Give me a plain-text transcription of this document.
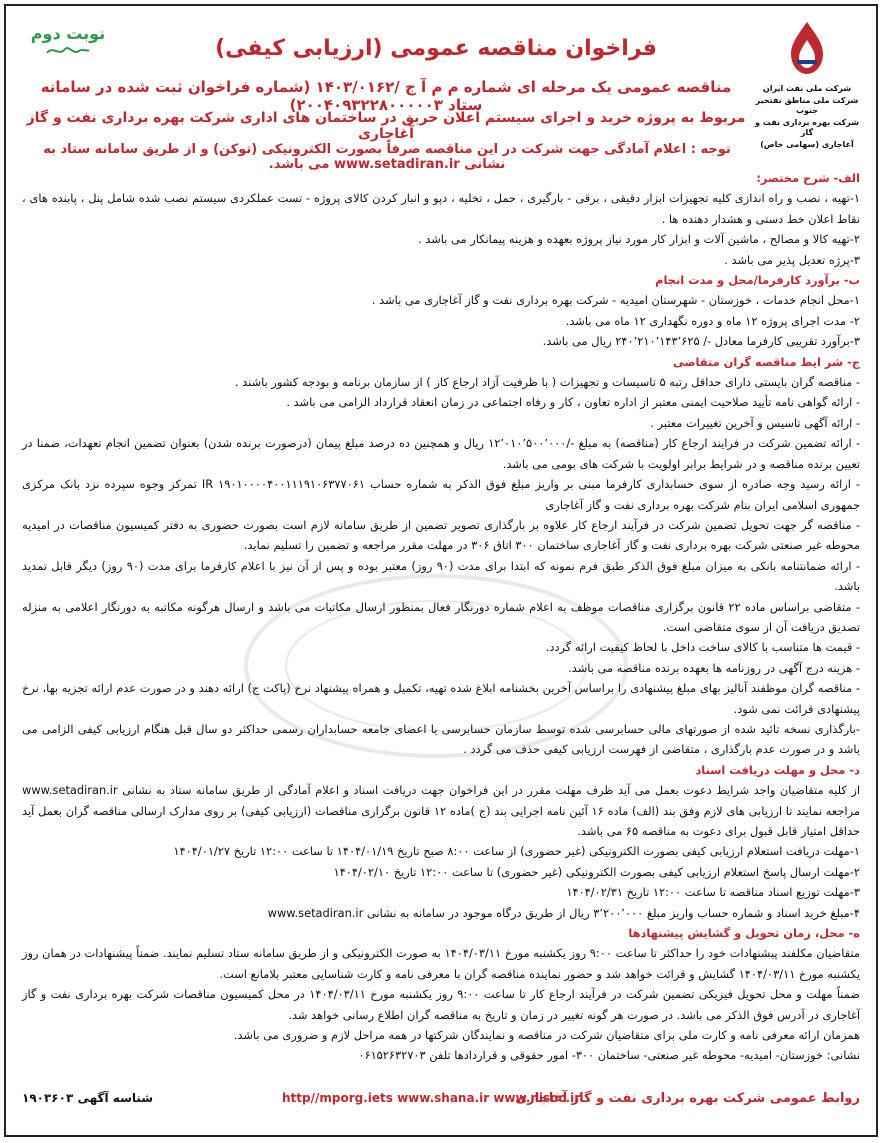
شرکت ملی نفت ایران
شرکت ملی مناطق نفتخیز جنوب
شرکت بهره برداری نفت و گاز
آغاجاری (سهامی خاص)
نوبت دوم
فراخوان مناقصه عمومی (ارزیابی کیفی)
مناقصه عمومی یک مرحله ای شماره م م آ ج /۱۴۰۳/۰۱۶۲ (شماره فراخوان ثبت شده در سامانه ستاد ۲۰۰۴۰۹۳۲۲۸۰۰۰۰۰۳)
مربوط به پروژه خرید و اجرای سیستم اعلان حریق در ساختمان های اداری شرکت بهره برداری نفت و گاز آغاجاری
توجه : اعلام آمادگی جهت شرکت در این مناقصه صرفاً بصورت الکترونیکی (توکن) و از طریق سامانه ستاد به نشانی www.setadiran.ir می باشد.

الف- شرح مختصر:

۱-تهیه ، نصب و راه اندازی کلیه تجهیزات ابزار دقیقی ، برقی - بارگیری ، حمل ، تخلیه ، دپو و انبار کردن کالای پروژه - تست عملکردی سیستم نصب شده شامل پنل ، پابنده های ، نقاط اعلان خط دستی و هشدار دهنده ها .

۲-تهیه کالا و مصالح ، ماشین آلات و ابزار کار مورد نیاز پروژه بعهده و هزینه پیمانکار می باشد .

۳-پرژه تعدیل پذیر می باشد .

ب- برآورد کارفرما/محل و مدت انجام

۱-محل انجام خدمات ، خوزستان - شهرستان امیدیه - شرکت بهره برداری نفت و گاز آغاجاری می باشد .

۲- مدت اجرای پروژه ۱۲ ماه و دوره نگهداری ۱۲ ماه می باشد.

۳-برآورد تقریبی کارفرما معادل -/ ۲۴۰٬۲۱۰٬۱۴۳٬۶۲۵ ریال می باشد.

ج- شر ایط مناقصه گران متقاضی

- مناقصه گران بایستی دارای حداقل رتبه ۵ تاسیسات و تجهیزات ( با ظرفیت آزاد ارجاع کار ) از سازمان برنامه و بودجه کشور باشند .

- ارائه گواهی نامه تأیید صلاحیت ایمنی معتبر از اداره تعاون ، کار و رفاه اجتماعی در زمان انعقاد قرارداد الزامی می باشد .

- ارائه آگهی تاسیس و آخرین تغییرات معتبر .

- ارائه تضمین شرکت در فرایند ارجاع کار (مناقصه) به مبلغ -/۱۲٬۰۱۰٬۵۰۰٬۰۰۰ ریال و همچنین ده درصد مبلغ پیمان (درصورت برنده شدن) بعنوان تضمین انجام تعهدات، ضمنا در تعیین برنده مناقصه و در شرایط برابر اولویت با شرکت های بومی می باشد.

- ارائه رسید وجه صادره از سوی حسابداری کارفرما مبنی بر واریز مبلغ فوق الذکر به شماره حساب IR ۱۹۰۱۰۰۰۰۴۰۰۱۱۱۹۱۰۶۳۷۷۰۶۱ تمرکز وجوه سپرده نزد بانک مرکزی جمهوری اسلامی ایران بنام شرکت بهره برداری نفت و گاز آغاجاری

- مناقصه گر جهت تحویل تضمین شرکت در فرآیند ارجاع کار علاوه بر بارگذاری تصویر تضمین از طریق سامانه لازم است بصورت حضوری به دفتر کمیسیون مناقصات در امیدیه محوطه غیر صنعتی شرکت بهره برداری نفت و گاز آغاجاری ساختمان ۳۰۰ اتاق ۳۰۶ در مهلت مقرر مراجعه و تضمین را تسلیم نماید.

- ارائه ضمانتنامه بانکی به میزان مبلغ فوق الذکر طبق فرم نمونه که ابتدا برای مدت (۹۰ روز) معتبر بوده و پس از آن نیز با اعلام کارفرما برای مدت (۹۰ روز) دیگر قابل تمدید باشد.

- متقاضی براساس ماده ۲۲ قانون برگزاری مناقصات موظف به اعلام شماره دورنگار فعال بمنظور ارسال مکاتبات می باشد و ارسال هرگونه مکاتبه به دورنگار اعلامی به منزله تصدیق دریافت آن از سوی متقاضی است.

- قیمت ها متناسب با کالای ساخت داخل با لحاظ کیفیت ارائه گردد.

- هزینه درج آگهی در روزنامه ها بعهده برنده مناقصه می باشد.

- مناقصه گران موظفند آنالیز بهای مبلغ پیشنهادی را براساس آخرین بخشنامه ابلاغ شده تهیه، تکمیل و همراه پیشنهاد نرخ (پاکت ج) ارائه دهند و در صورت عدم ارائه تجزیه بها، نرخ پیشنهادی قرائت نمی شود.

-بارگذاری نسخه تائید شده از صورتهای مالی حسابرسی شده توسط سازمان حسابرسی یا اعضای جامعه حسابداران رسمی حداکثر دو سال قبل هنگام ارزیابی کیفی الزامی می باشد و در صورت عدم بارگذاری ، متقاضی از فهرست ارزیابی کیفی حذف می گردد .

د- محل و مهلت دریافت اسناد

از کلیه متقاضیان واجد شرایط دعوت بعمل می آید ظرف مهلت مقرر در این فراخوان جهت دریافت اسناد و اعلام آمادگی از طریق سامانه ستاد به نشانی www.setadiran.ir مراجعه نمایند تا ارزیابی های لازم وفق بند (الف) ماده ۱۶ آئین نامه اجرایی بند (ج )ماده ۱۲ قانون برگزاری مناقصات (ارزیابی کیفی) بر روی مدارک ارسالی مناقصه گران بعمل آید حداقل امتیاز قابل قبول برای دعوت به مناقصه ۶۵ می باشد.

۱-مهلت دریافت استعلام ارزیابی کیفی بصورت الکترونیکی (غیر حضوری) از ساعت ۸:۰۰ صبح تاریخ ۱۴۰۴/۰۱/۱۹ تا ساعت ۱۲:۰۰ تاریخ ۱۴۰۴/۰۱/۲۷

۲-مهلت ارسال پاسخ استعلام ارزیابی کیفی بصورت الکترونیکی (غیر حضوری) تا ساعت ۱۲:۰۰ تاریخ ۱۴۰۴/۰۲/۱۰

۳-مهلت توزیع اسناد مناقصه تا ساعت ۱۲:۰۰ تاریخ ۱۴۰۴/۰۲/۳۱

۴-مبلغ خرید اسناد و شماره حساب واریز مبلغ ۳٬۲۰۰٬۰۰۰ ریال از طریق درگاه موجود در سامانه به نشانی www.setadiran.ir

ه- محل، زمان تحویل و گشایش پیشنهادها

متقاضیان مکلفند پیشنهادات خود را حداکثر تا ساعت ۹:۰۰ روز یکشنبه مورخ ۱۴۰۴/۰۳/۱۱ به صورت الکترونیکی و از طریق سامانه ستاد تسلیم نمایند. ضمناً پیشنهادات در همان روز یکشنبه مورخ ۱۴۰۴/۰۳/۱۱ گشایش و قرائت خواهد شد و حضور نماینده مناقصه گران با معرفی نامه و کارت شناسایی معتبر بلامانع است.

ضمناً مهلت و محل تحویل فیزیکی تضمین شرکت در فرآیند ارجاع کار تا ساعت ۹:۰۰ روز یکشنبه مورخ ۱۴۰۴/۰۳/۱۱ در محل کمیسیون مناقصات شرکت بهره برداری نفت و گاز آغاجاری در آدرس فوق الذکر می باشد. در صورت هر گونه تغییر در زمان و تاریخ به مناقصه گران اطلاع رسانی خواهد شد.

همزمان ارائه معرفی نامه و کارت ملی برای متقاضیان شرکت در مناقصه و نمایندگان شرکتها در همه مراحل لازم و ضروری می باشد.

نشانی: خوزستان- امیدیه- محوطه غیر صنعتی- ساختمان ۳۰۰- امور حقوقی و قراردادها تلفن ۰۶۱۵۲۶۳۲۷۰۳

روابط عمومی شرکت بهره برداری نفت و گاز آغاجاری
http//mporg.iets www.shana.ir www.nisoc.ir
شناسه آگهی ۱۹۰۳۶۰۳
